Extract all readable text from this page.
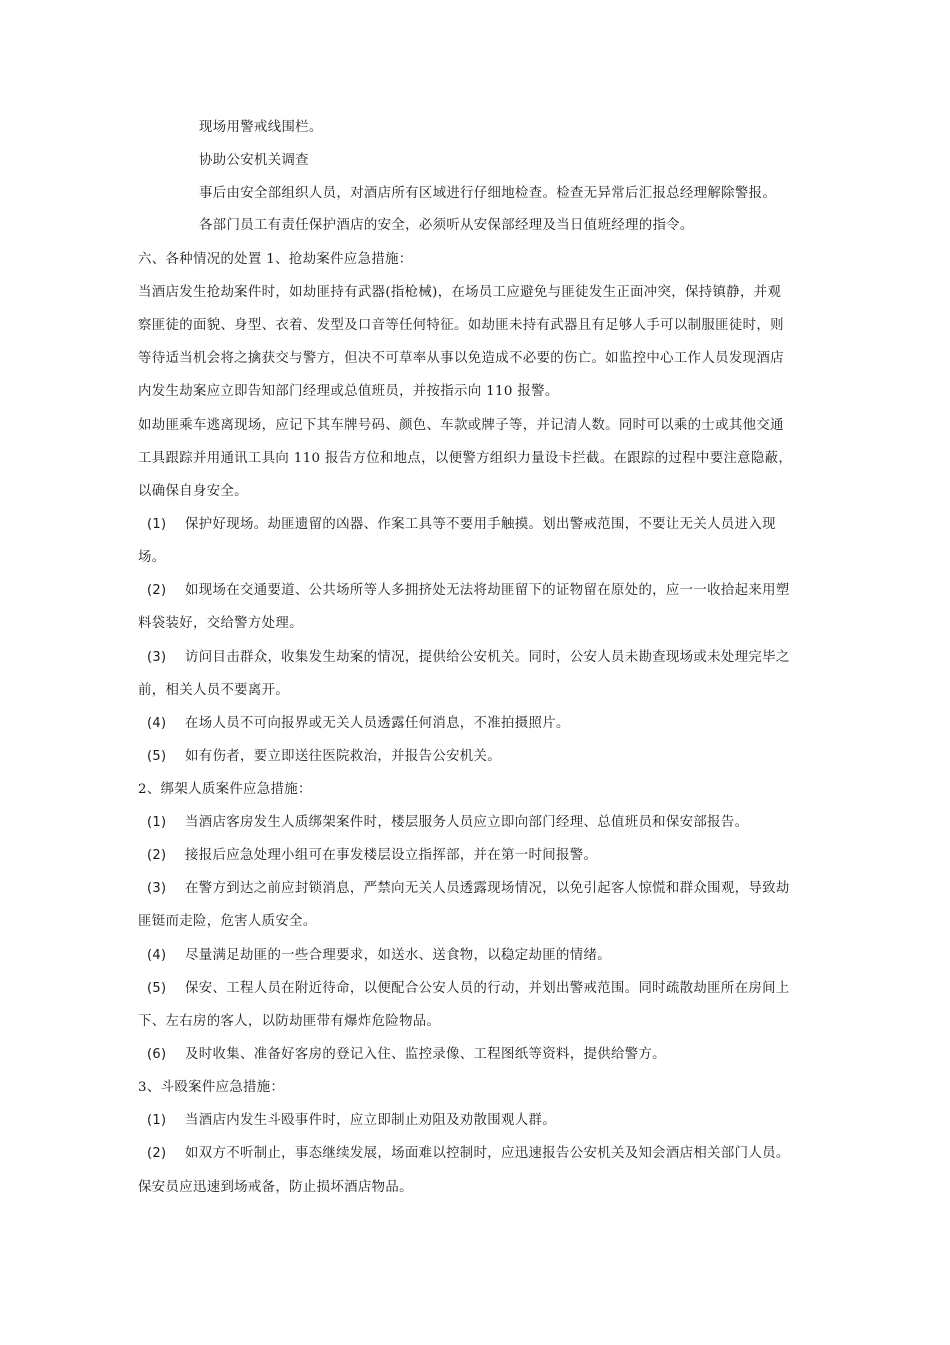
现场用警戒线围栏。
协助公安机关调查
事后由安全部组织人员，对酒店所有区域进行仔细地检查。检查无异常后汇报总经理解除警报。
各部门员工有责任保护酒店的安全，必须听从安保部经理及当日值班经理的指令。
六、各种情况的处置 1、抢劫案件应急措施：
当酒店发生抢劫案件时，如劫匪持有武器(指枪械)，在场员工应避免与匪徒发生正面冲突，保持镇静，并观
察匪徒的面貌、身型、衣着、发型及口音等任何特征。如劫匪未持有武器且有足够人手可以制服匪徒时，则
等待适当机会将之擒获交与警方，但决不可草率从事以免造成不必要的伤亡。如监控中心工作人员发现酒店
内发生劫案应立即告知部门经理或总值班员，并按指示向 110 报警。
如劫匪乘车逃离现场，应记下其车牌号码、颜色、车款或牌子等，并记清人数。同时可以乘的士或其他交通
工具跟踪并用通讯工具向 110 报告方位和地点，以便警方组织力量设卡拦截。在跟踪的过程中要注意隐蔽，
以确保自身安全。
(1) 保护好现场。劫匪遗留的凶器、作案工具等不要用手触摸。划出警戒范围，不要让无关人员进入现
场。
(2) 如现场在交通要道、公共场所等人多拥挤处无法将劫匪留下的证物留在原处的，应一一收拾起来用塑
料袋装好，交给警方处理。
(3) 访问目击群众，收集发生劫案的情况，提供给公安机关。同时，公安人员未勘查现场或未处理完毕之
前，相关人员不要离开。
(4) 在场人员不可向报界或无关人员透露任何消息，不准拍摄照片。
(5) 如有伤者，要立即送往医院救治，并报告公安机关。
2、绑架人质案件应急措施：
(1) 当酒店客房发生人质绑架案件时，楼层服务人员应立即向部门经理、总值班员和保安部报告。
(2) 接报后应急处理小组可在事发楼层设立指挥部，并在第一时间报警。
(3) 在警方到达之前应封锁消息，严禁向无关人员透露现场情况，以免引起客人惊慌和群众围观，导致劫
匪铤而走险，危害人质安全。
(4) 尽量满足劫匪的一些合理要求，如送水、送食物，以稳定劫匪的情绪。
(5) 保安、工程人员在附近待命，以便配合公安人员的行动，并划出警戒范围。同时疏散劫匪所在房间上
下、左右房的客人，以防劫匪带有爆炸危险物品。
(6) 及时收集、准备好客房的登记入住、监控录像、工程图纸等资料，提供给警方。
3、斗殴案件应急措施：
(1) 当酒店内发生斗殴事件时，应立即制止劝阻及劝散围观人群。
(2) 如双方不听制止，事态继续发展，场面难以控制时，应迅速报告公安机关及知会酒店相关部门人员。
保安员应迅速到场戒备，防止损坏酒店物品。
